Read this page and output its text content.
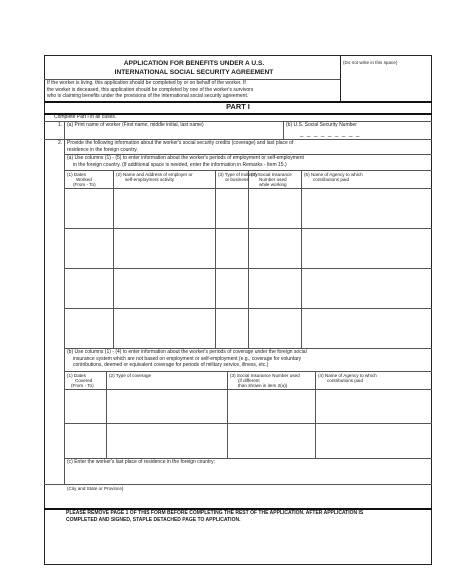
APPLICATION FOR BENEFITS UNDER A U.S.
INTERNATIONAL SOCIAL SECURITY AGREEMENT
(Do not write in this space)
If the worker is living, this application should be completed by or on behalf of the worker. If
the worker is deceased, this application should be completed by one of the worker's survivors
who is claiming benefits under the provisions of the international social security agreement.
PART I
Complete Part I in all cases.
1. (a) Print name of worker (First name, middle initial, last name)	(b) U.S. Social Security Number
_ _ _ _ _ _ _ _ _
2. Provide the following information about the worker's social security credits (coverage) and last place of
residence in the foreign country.
(a) Use columns (1) - (5) to enter information about the worker's periods of employment or self-employment
in the foreign country. (If additional space is needed, enter the information in Remarks - Item 15.)
(1) Dates
Worked
(From - To)
(2) Name and Address of employer or
self-employment activity
(3) Type of Industry
or business
(4) Social Insurance
Number used
while working
(5) Name of Agency to which
contributions paid
(b) Use columns (1) - (4) to enter information about the worker's periods of coverage under the foreign social
insurance system which are not based on employment or self-employment (e.g., coverage for voluntary
contributions, deemed or equivalent coverage for periods of military service, illness, etc.)
(1) Dates
Covered
(From - To)
(2) Type of coverage	(3) Social Insurance Number used
(if different
than shown in item 2(a))
(4) Name of Agency to which
contributions paid
(c) Enter the worker's last place of residence in the foreign country:
(City and State or Province)
PLEASE REMOVE PAGE 1 OF THIS FORM BEFORE COMPLETING THE REST OF THE APPLICATION. AFTER APPLICATION IS
COMPLETED AND SIGNED, STAPLE DETACHED PAGE TO APPLICATION.
